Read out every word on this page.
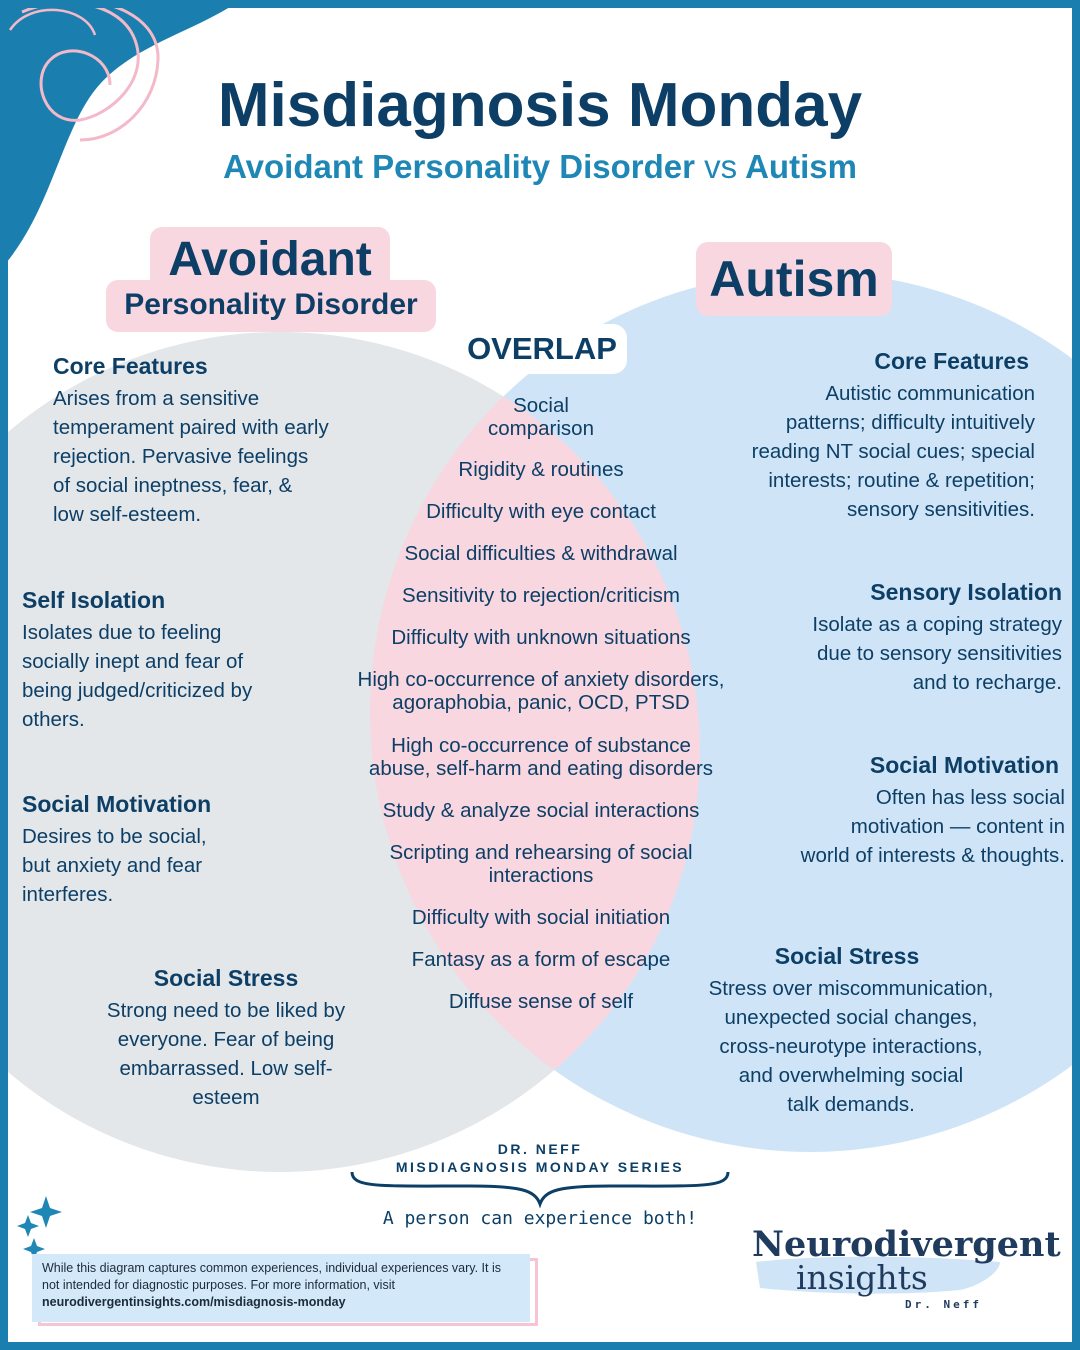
Misdiagnosis Monday
Avoidant Personality Disorder vs Autism
Avoidant
Personality Disorder	Autism
OVERLAP
Core Features
Arises from a sensitive
temperament paired with early
rejection. Pervasive feelings
of social ineptness, fear, &
low self-esteem.
Self Isolation
Isolates due to feeling
socially inept and fear of
being judged/criticized by
others.
Social Motivation
Desires to be social,
but anxiety and fear
interferes.
Social Stress
Strong need to be liked by
everyone. Fear of being
embarrassed. Low self-
esteem
Core Features
Autistic communication
patterns; difficulty intuitively
reading NT social cues; special
interests; routine & repetition;
sensory sensitivities.
Sensory Isolation
Isolate as a coping strategy
due to sensory sensitivities
and to recharge.
Social Motivation
Often has less social
motivation — content in
world of interests & thoughts.
Social Stress
Stress over miscommunication,
unexpected social changes,
cross-neurotype interactions,
and overwhelming social
talk demands.
Social
comparison
Rigidity & routines
Difficulty with eye contact
Social difficulties & withdrawal
Sensitivity to rejection/criticism
Difficulty with unknown situations
High co-occurrence of anxiety disorders,
agoraphobia, panic, OCD, PTSD
High co-occurrence of substance
abuse, self-harm and eating disorders
Study & analyze social interactions
Scripting and rehearsing of social
interactions
Difficulty with social initiation
Fantasy as a form of escape
Diffuse sense of self
DR. NEFF
MISDIAGNOSIS MONDAY SERIES
A person can experience both!
While this diagram captures common experiences, individual experiences vary. It is not intended for diagnostic purposes. For more information, visit neurodivergentinsights.com/misdiagnosis-monday
Neurodivergent
insights
Dr. Neff
